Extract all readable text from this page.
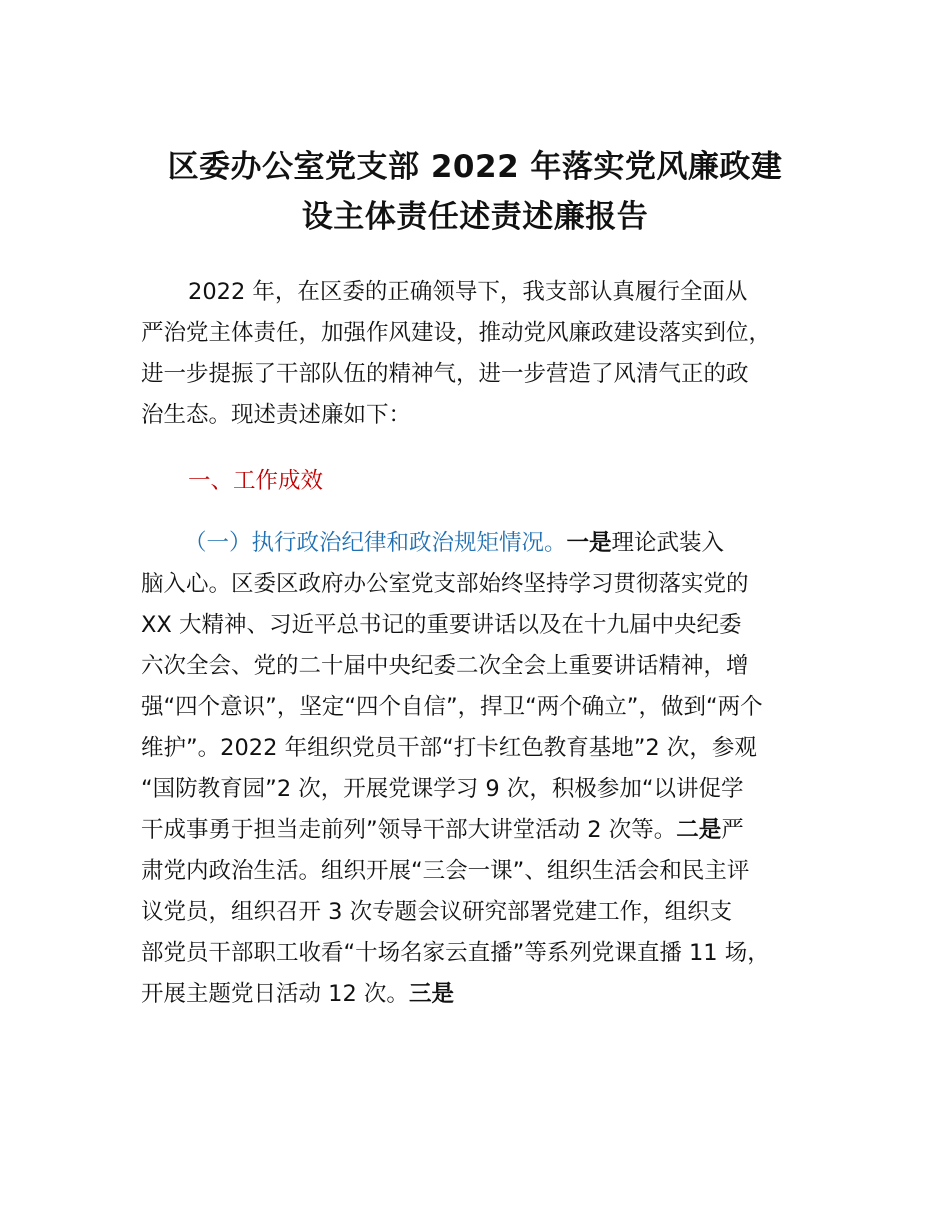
区委办公室党支部 2022 年落实党风廉政建
设主体责任述责述廉报告
2022 年，在区委的正确领导下，我支部认真履行全面从
严治党主体责任，加强作风建设，推动党风廉政建设落实到位，
进一步提振了干部队伍的精神气，进一步营造了风清气正的政
治生态。现述责述廉如下：
一、工作成效
（一）执行政治纪律和政治规矩情况。一是理论武装入
脑入心。区委区政府办公室党支部始终坚持学习贯彻落实党的
XX 大精神、习近平总书记的重要讲话以及在十九届中央纪委
六次全会、党的二十届中央纪委二次全会上重要讲话精神，增
强“四个意识”，坚定“四个自信”，捍卫“两个确立”，做到“两个
维护”。2022 年组织党员干部“打卡红色教育基地”2 次，参观
“国防教育园”2 次，开展党课学习 9 次，积极参加“以讲促学
干成事勇于担当走前列”领导干部大讲堂活动 2 次等。二是严
肃党内政治生活。组织开展“三会一课”、组织生活会和民主评
议党员，组织召开 3 次专题会议研究部署党建工作，组织支
部党员干部职工收看“十场名家云直播”等系列党课直播 11 场，
开展主题党日活动 12 次。三是
